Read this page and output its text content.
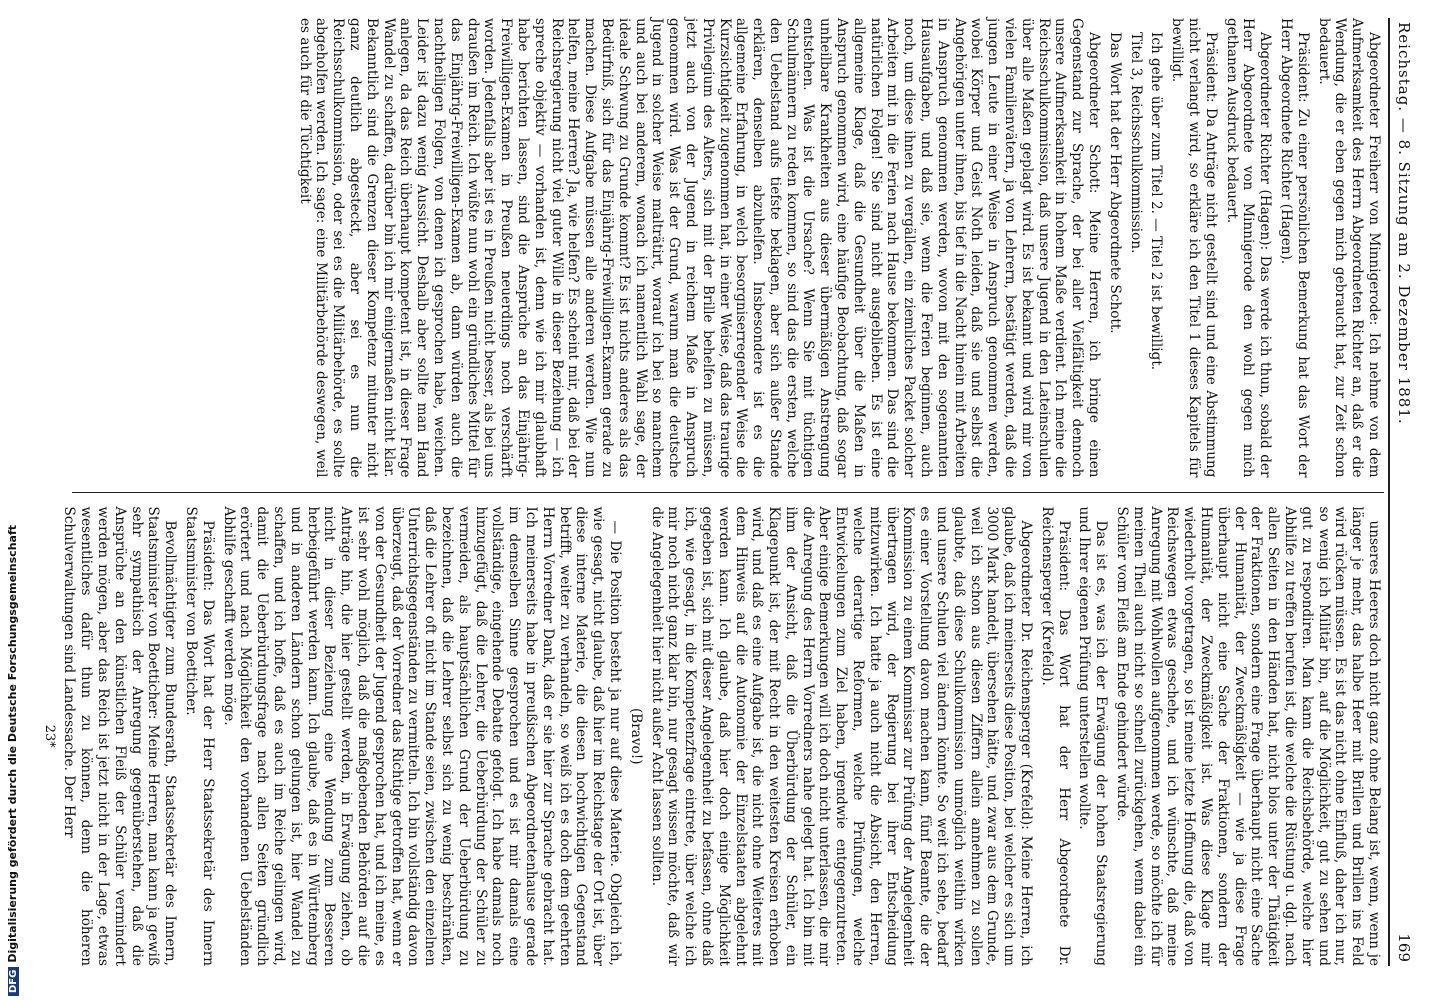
Reichstag. — 8. Sitzung am 2. Dezember 1881.
169

Abgeordneter Freiherr von Minnigerode: Ich nehme von dem Aufmerksamkeit des Herrn Abgeordneten Richter an, daß er die Wendung, die er eben gegen mich gebraucht hat, zur Zeit schon bedauert.

Präsident: Zu einer persönlichen Bemerkung hat das Wort der Herr Abgeordnete Richter (Hagen).

Abgeordneter Richter (Hagen): Das werde ich thun, sobald der Herr Abgeordnete von Minnigerode den wohl gegen mich gethanen Ausdruck bedauert.

Präsident: Da Anträge nicht gestellt sind und eine Abstimmung nicht verlangt wird, so erkläre ich den Titel 1 dieses Kapitels für bewilligt.

Ich gehe über zum Titel 2. — Titel 2 ist bewilligt.

Titel 3, Reichsschulkommission.

Das Wort hat der Herr Abgeordnete Schott.

Abgeordneter Schott: Meine Herren, ich bringe einen Gegenstand zur Sprache, der bei aller Vielfältigkeit dennoch unsere Aufmerksamkeit in hohem Maße verdient. Ich meine die Reichsschulkommission, daß unsere Jugend in den Lateinschulen über alle Maßen geplagt wird. Es ist bekannt und wird mir von vielen Familienvätern, ja von Lehrern, bestätigt werden, daß die jungen Leute in einer Weise in Anspruch genommen werden, wobei Körper und Geist Noth leiden, daß sie und selbst die Angehörigen unter ihnen, bis tief in die Nacht hinein mit Arbeiten in Anspruch genommen werden, wovon mit den sogenannten Hausaufgaben, und daß sie, wenn die Ferien beginnen, auch noch, um diese ihnen zu vergällen, ein ziemliches Packet solcher Arbeiten mit in die Ferien nach Hause bekommen. Das sind die natürlichen Folgen! Sie sind nicht ausgeblieben. Es ist eine allgemeine Klage, daß die Gesundheit über die Maßen in Anspruch genommen wird, eine häufige Beobachtung, daß sogar unheilbare Krankheiten aus dieser übermäßigen Anstrengung entstehen. Was ist die Ursache? Wenn Sie mit tüchtigen Schulmännern zu reden kommen, so sind das die ersten, welche den Uebelstand aufs tiefste beklagen, aber sich außer Stande erklären, denselben abzuhelfen. Insbesondere ist es die allgemeine Erfahrung, in welch besorgniserregender Weise die Kurzsichtigkeit zugenommen hat, in einer Weise, daß das traurige Privilegium des Alters, sich mit der Brille behelfen zu müssen, jetzt auch von der Jugend in reichem Maße in Anspruch genommen wird. Was ist der Grund, warum man die deutsche Jugend in solcher Weise malträtirt, worauf ich bei so manchem und auch bei anderem, wonach ich namentlich Wahl sage, der ideale Schwung zu Grunde kommt? Es ist nichts anderes als das Bedürfniß, sich für das Einjährig-Freiwilligen-Examen gerade zu machen. Diese Aufgabe müssen alle anderen werden. Wie nun helfen, meine Herren? Ja, wie helfen? Es scheint mir, daß bei der Reichsregierung nicht viel guter Wille in dieser Beziehung — ich spreche objektiv — vorhanden ist, denn wie ich mir glaubhaft habe berichten lassen, sind die Ansprüche an das Einjährig-Freiwilligen-Examen in Preußen neuerdings noch verschärft worden. Jedenfalls aber ist es in Preußen nicht besser, als bei uns draußen im Reich. Ich wüßte nun wohl ein gründliches Mittel für das Einjährig-Freiwilligen-Examen ab, dann würden auch die nachtheiligen Folgen, von denen ich gesprochen habe, weichen. Leider ist dazu wenig Aussicht. Deshalb aber sollte man Hand anlegen, da das Reich überhaupt kompetent ist, in dieser Frage Wandel zu schaffen, darüber bin ich mir einigermaßen nicht klar. Bekanntlich sind die Grenzen dieser Kompetenz mitunter nicht ganz deutlich abgesteckt, aber sei es nun die Reichsschulkommission, oder sei es die Militärbehörde, es sollte abgeholfen werden. Ich sage: eine Militärbehörde deswegen, weil es auch für die Tüchtigkeit

unseres Heeres doch nicht ganz ohne Belang ist, wenn, wenn je länger je mehr, das halbe Heer mit Brillen und Brillen ins Feld wird rücken müssen. Es ist das nicht ohne Einfluß, daher ich nur, so wenig ich Militär bin, auf die Möglichkeit, gut zu sehen und gut zu respondiren. Man kann die Reichsbehörde, welche hier Abhilfe zu treffen berufen ist, die welche die Rüstung u. dgl. nach allen Seiten in den Händen hat, nicht blos unter der Thätigkeit der Fraktionen, sondern eine Frage überhaupt nicht eine Sache der Humanität, der Zweckmäßigkeit — wie ja diese Frage überhaupt nicht eine Sache der Fraktionen, sondern der Humanität, der Zweckmäßigkeit ist. Was diese Klage mir wiederholt vorgetragen, so ist meine letzte Hoffnung die, daß von Reichswegen etwas geschehe, und ich wünschte, daß meine Anregung mit Wohlwollen aufgenommen werde, so möchte ich für meinen Theil auch nicht so schnell zurückgehen, wenn dabei ein Schüler vom Fleiß am Ende gehindert würde.

Das ist es, was ich der Erwägung der hohen Staatsregierung und Ihrer eigenen Prüfung unterstellen wollte.

Präsident: Das Wort hat der Herr Abgeordnete Dr. Reichensperger (Krefeld).

Abgeordneter Dr. Reichensperger (Krefeld): Meine Herren, ich glaube, daß ich meinerseits diese Position, bei welcher es sich um 3000 Mark handelt, übersehen hätte, und zwar aus dem Grunde, weil ich schon aus diesen Ziffern allein annehmen zu sollen glaubte, daß diese Schulkommission unmöglich weithin wirken und unsere Schulen viel ändern könnte. So weit ich sehe, bedarf es einer Vorstellung davon machen kann, fünf Beamte, die der Kommission zu einem Kommissar zur Prüfung der Angelegenheit übertragen wird, der Regierung bei ihrer Entscheidung mitzuwirken. Ich hatte ja auch nicht die Absicht, den Herren, welche derartige Reformen, welche Prüfungen, welche Entwickelungen zum Ziel haben, irgendwie entgegenzutreten. Aber einige Bemerkungen will ich doch nicht unterlassen, die mir die Anregung des Herrn Vorredners nahe gelegt hat. Ich bin mit ihm der Ansicht, daß die Überbürdung der Schüler, ein Klagepunkt ist, der mit Recht in den weitesten Kreisen erhoben wird, und daß es eine Aufgabe ist, die nicht ohne Weiteres mit dem Hinweis auf die Autonomie der Einzelstaaten abgelehnt werden kann. Ich glaube, daß hier doch einige Möglichkeit gegeben ist, sich mit dieser Angelegenheit zu befassen, ohne daß ich, wie gesagt, in die Kompetenzfrage eintrete, über welche ich mir noch nicht ganz klar bin, nur gesagt wissen möchte, daß wir die Angelegenheit hier nicht außer Acht lassen sollten.

(Bravo!)

— Die Position besteht ja nur auf diese Materie. Obgleich ich, wie gesagt, nicht glaube, daß hier im Reichstage der Ort ist, über diese interne Materie, die diesen hochwichtigen Gegenstand betrifft, weiter zu verhandeln, so weiß ich es doch dem geehrten Herrn Vorredner Dank, daß er sie hier zur Sprache gebracht hat. Ich meinerseits habe in preußischen Abgeordnetenhause gerade im demselben Sinne gesprochen und es ist mir damals eine vollständige, eingehende Debatte gefolgt. Ich habe damals noch hinzugefügt, daß die Lehrer, die Ueberbürdung der Schüler zu vermeiden, als hauptsächlichen Grund der Ueberbürdung zu bezeichnen, daß die Lehrer selbst sich zu wenig beschränken, daß die Lehrer oft nicht im Stande seien, zwischen den einzelnen Unterrichtsgegenständen zu vermitteln. Ich bin vollständig davon überzeugt, daß der Vorredner das Richtige getroffen hat, wenn er von der Gesundheit der Jugend gesprochen hat, und ich meine, es ist sehr wohl möglich, daß die maßgebenden Behörden auf die Anträge hin, die hier gestellt werden, in Erwägung ziehen, ob nicht in dieser Beziehung eine Wendung zum Besseren herbeigeführt werden kann. Ich glaube, daß es in Württemberg und in anderen Ländern schon gelungen ist, hier Wandel zu schaffen, und ich hoffe, daß es auch im Reiche gelingen wird, damit die Ueberbürdungsfrage nach allen Seiten gründlich erörtert und nach Möglichkeit den vorhandenen Uebelständen Abhilfe geschafft werden möge.

Präsident: Das Wort hat der Herr Staatssekretär des Innern Staatsminister von Boetticher.

Bevollmächtigter zum Bundesrath, Staatssekretär des Innern, Staatsminister von Boetticher: Meine Herren, man kann ja gewiß sehr sympathisch der Anregung gegenüberstehen, daß die Ansprüche an den künstlichen Fleiß der Schüler vermindert werden mögen, aber das Reich ist jetzt nicht in der Lage, etwas wesentliches dafür thun zu können, denn die höheren Schulverwaltungen sind Landessache. Der Herr

23*
DFGDigitalisierung gefördert durch die Deutsche Forschungsgemeinschaft
